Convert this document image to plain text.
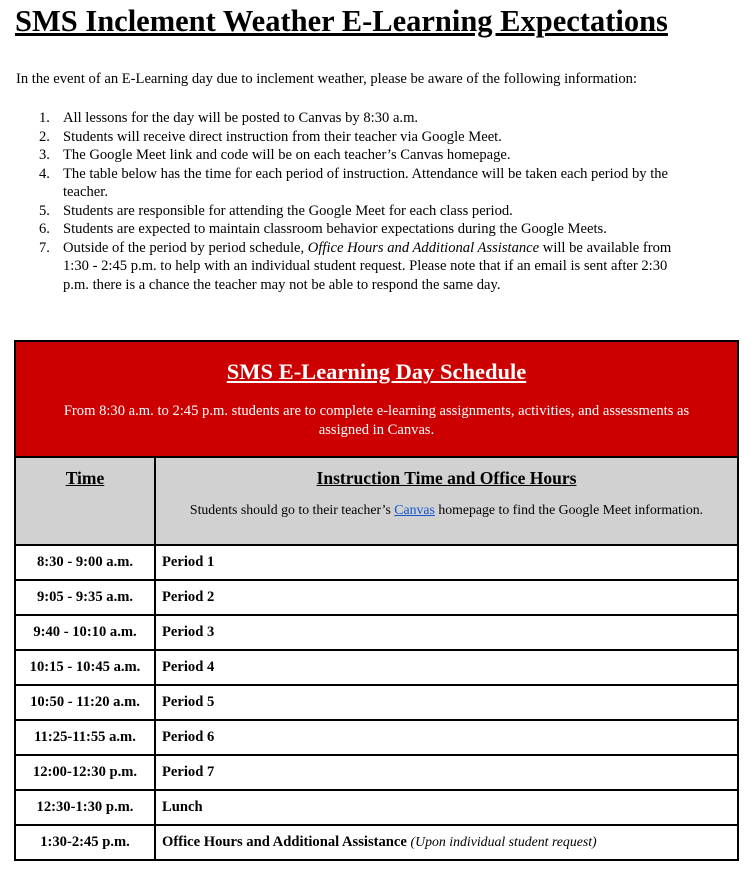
SMS Inclement Weather E-Learning Expectations

In the event of an E-Learning day due to inclement weather, please be aware of the following information:

1. All lessons for the day will be posted to Canvas by 8:30 a.m.
2. Students will receive direct instruction from their teacher via Google Meet.
3. The Google Meet link and code will be on each teacher’s Canvas homepage.
4. The table below has the time for each period of instruction. Attendance will be taken each period by the
teacher.
5. Students are responsible for attending the Google Meet for each class period.
6. Students are expected to maintain classroom behavior expectations during the Google Meets.
7. Outside of the period by period schedule, Office Hours and Additional Assistance will be available from
1:30 - 2:45 p.m. to help with an individual student request. Please note that if an email is sent after 2:30
p.m. there is a chance the teacher may not be able to respond the same day.
SMS E-Learning Day Schedule
From 8:30 a.m. to 2:45 p.m. students are to complete e-learning assignments, activities, and assessments as
assigned in Canvas.	

Time	Instruction Time and Office Hours
Students should go to their teacher’s Canvas homepage to find the Google Meet information.

8:30 - 9:00 a.m.	Period 1
9:05 - 9:35 a.m.	Period 2
9:40 - 10:10 a.m.	Period 3
10:15 - 10:45 a.m.	Period 4
10:50 - 11:20 a.m.	Period 5
11:25-11:55 a.m.	Period 6
12:00-12:30 p.m.	Period 7
12:30-1:30 p.m.	Lunch
1:30-2:45 p.m.	Office Hours and Additional Assistance (Upon individual student request)
